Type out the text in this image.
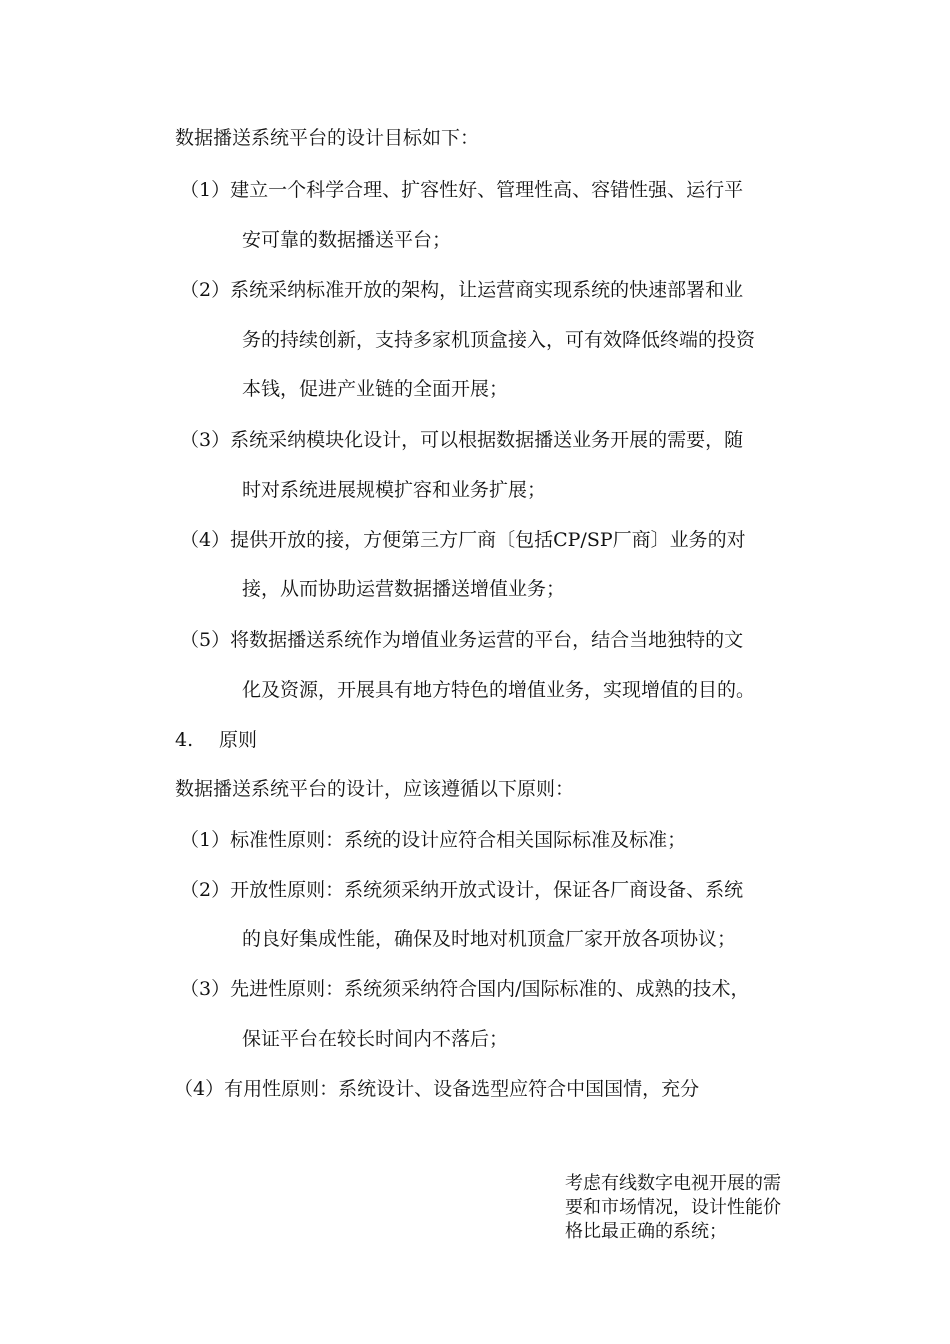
数据播送系统平台的设计目标如下：
（1）建立一个科学合理、扩容性好、管理性高、容错性强、运行平
安可靠的数据播送平台；
（2）系统采纳标准开放的架构，让运营商实现系统的快速部署和业
务的持续创新，支持多家机顶盒接入，可有效降低终端的投资
本钱，促进产业链的全面开展；
（3）系统采纳模块化设计，可以根据数据播送业务开展的需要，随
时对系统进展规模扩容和业务扩展；
（4）提供开放的接，方便第三方厂商〔包括CP/SP厂商〕业务的对
接，从而协助运营数据播送增值业务；
（5）将数据播送系统作为增值业务运营的平台，结合当地独特的文
化及资源，开展具有地方特色的增值业务，实现增值的目的。
4. 原则
数据播送系统平台的设计，应该遵循以下原则：
（1）标准性原则：系统的设计应符合相关国际标准及标准；
（2）开放性原则：系统须采纳开放式设计，保证各厂商设备、系统
的良好集成性能，确保及时地对机顶盒厂家开放各项协议；
（3）先进性原则：系统须采纳符合国内/国际标准的、成熟的技术，
保证平台在较长时间内不落后；
（4）有用性原则：系统设计、设备选型应符合中国国情，充分
考虑有线数字电视开展的需
要和市场情况，设计性能价
格比最正确的系统；
